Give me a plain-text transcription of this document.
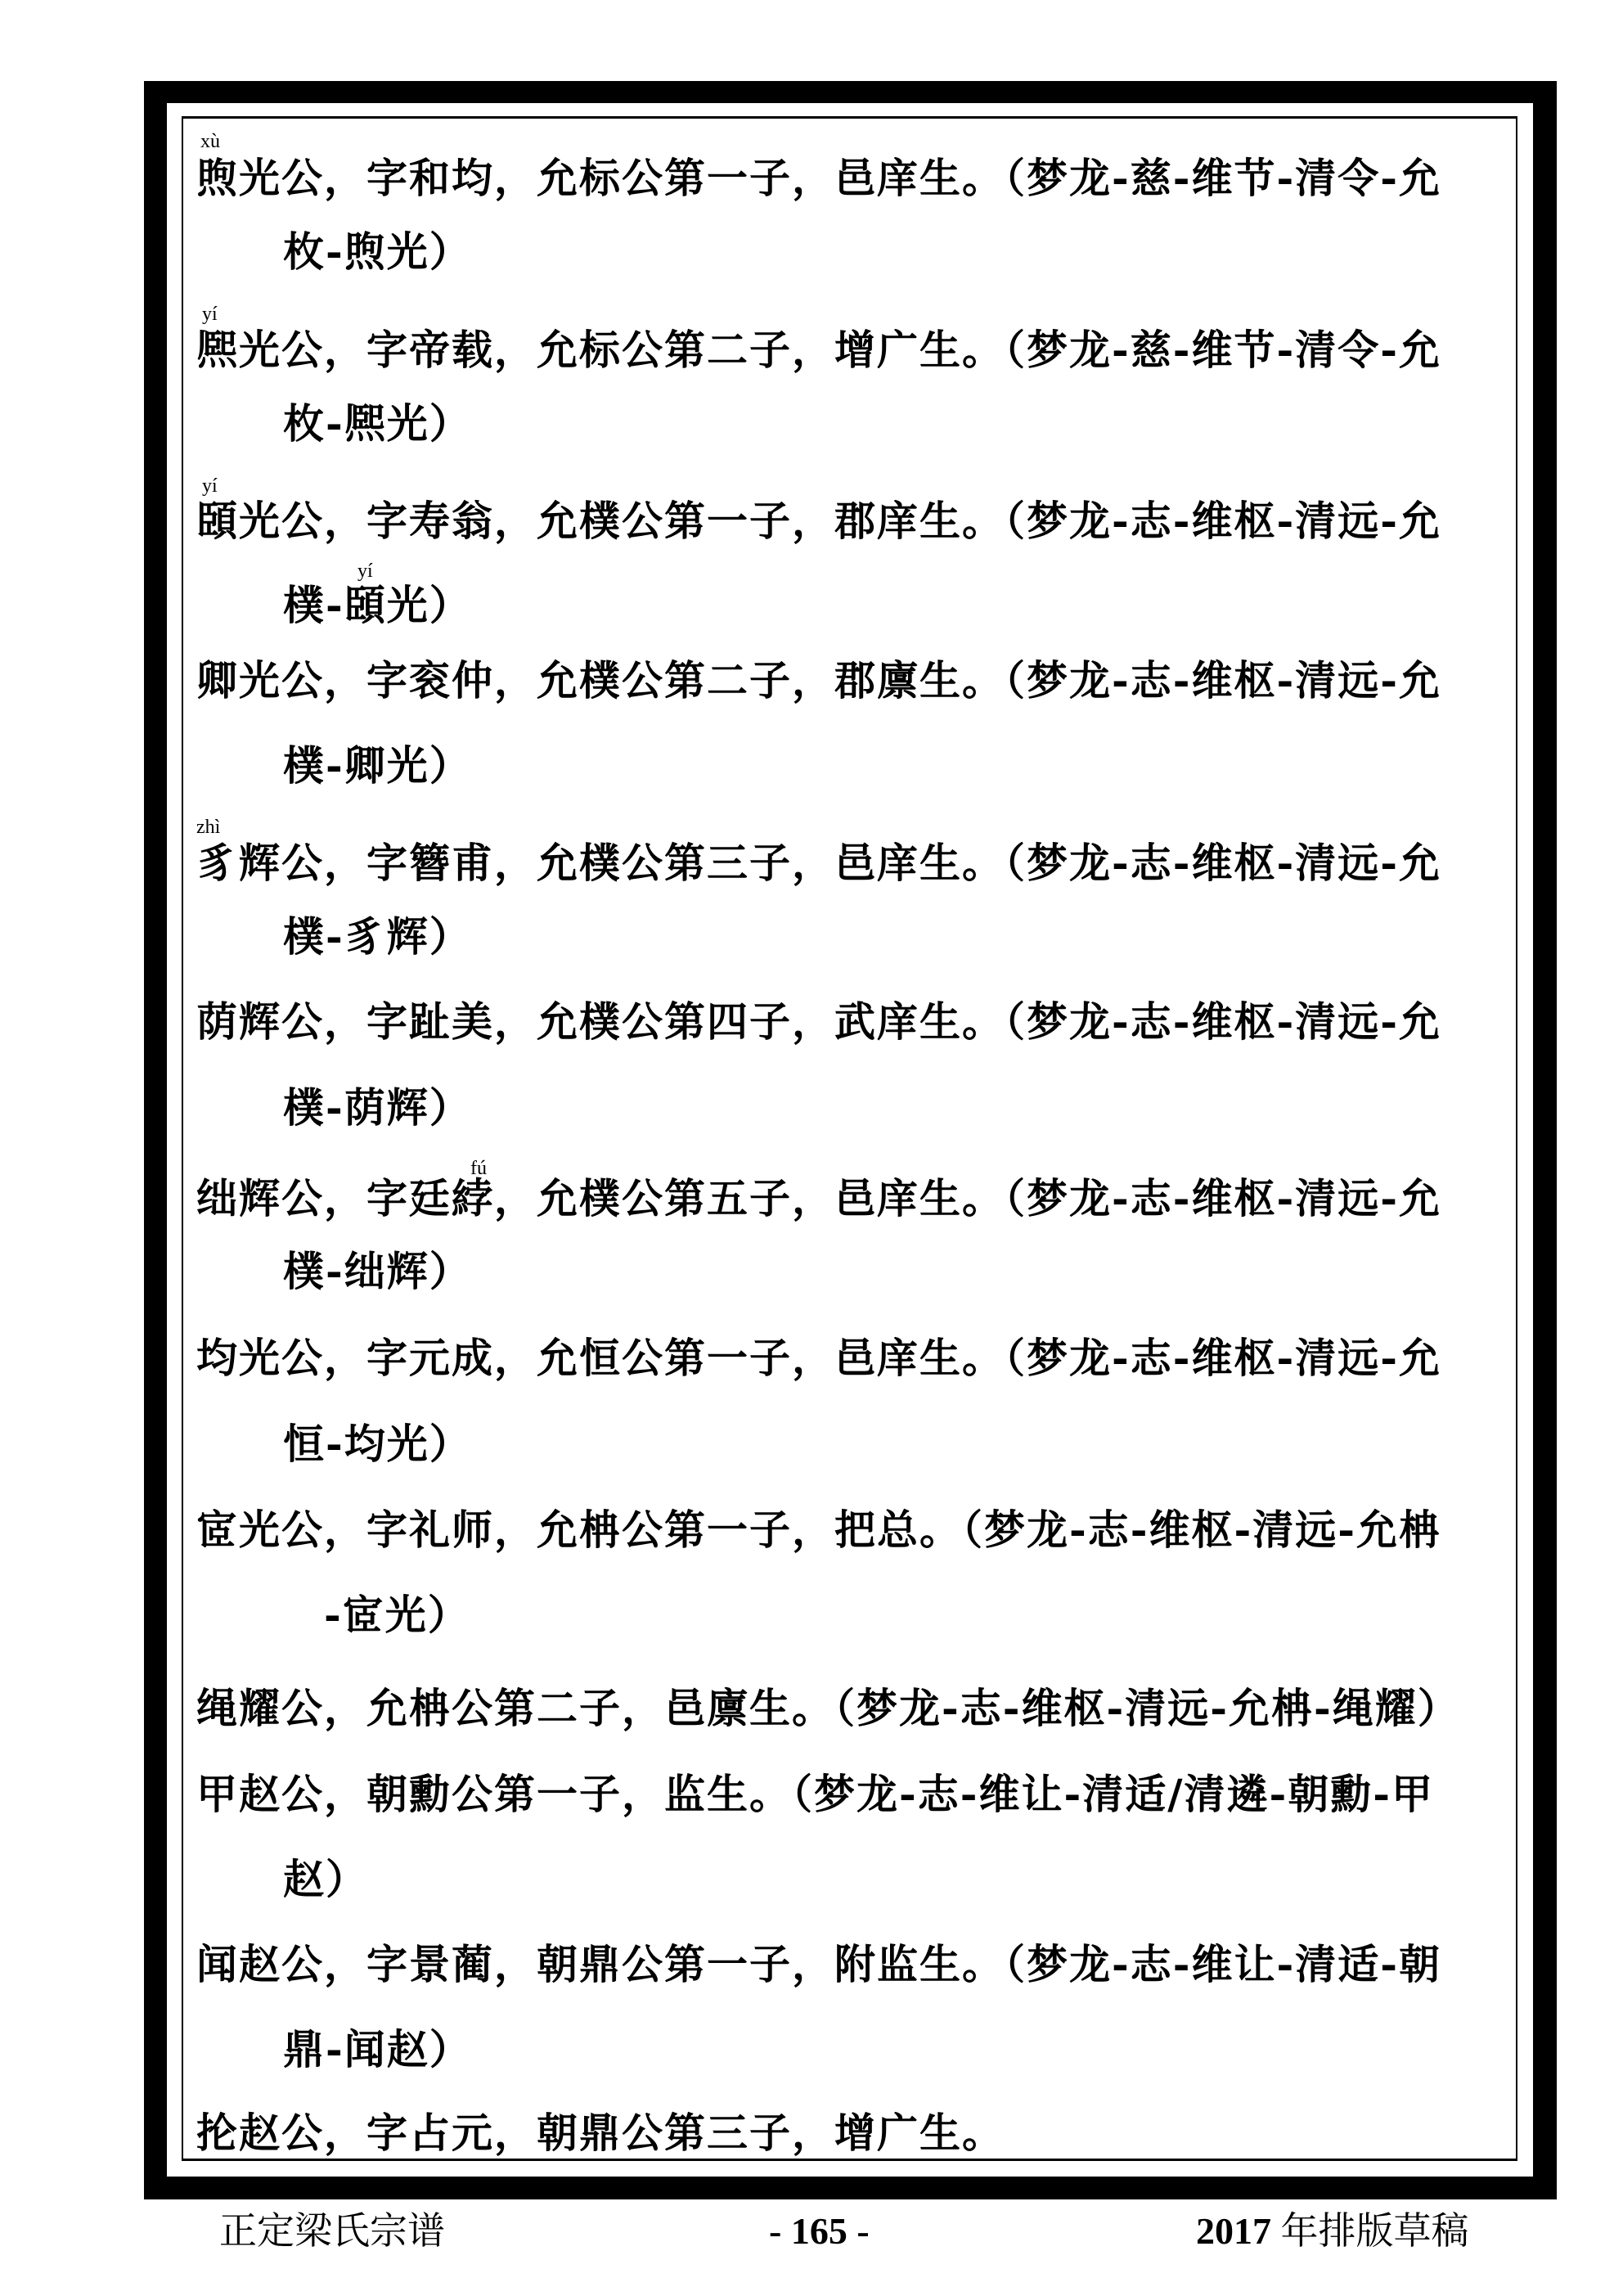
xù
yí
yí
yí
zhì
fú
煦光公，字和均，允标公第一子，邑庠生。（梦龙-慈-维节-清令-允
枚-煦光）
熈光公，字帝载，允标公第二子，增广生。（梦龙-慈-维节-清令-允
枚-熈光）
頣光公，字寿翁，允樸公第一子，郡庠生。（梦龙-志-维枢-清远-允
樸-頣光）
卿光公，字衮仲，允樸公第二子，郡廪生。（梦龙-志-维枢-清远-允
樸-卿光）
豸辉公，字簪甫，允樸公第三子，邑庠生。（梦龙-志-维枢-清远-允
樸-豸辉）
荫辉公，字趾美，允樸公第四子，武庠生。（梦龙-志-维枢-清远-允
樸-荫辉）
绌辉公，字廷綍，允樸公第五子，邑庠生。（梦龙-志-维枢-清远-允
樸-绌辉）
均光公，字元成，允恒公第一子，邑庠生。（梦龙-志-维枢-清远-允
恒-均光）
宧光公，字礼师，允柟公第一子，把总。（梦龙-志-维枢-清远-允柟
-宧光）
绳耀公，允柟公第二子，邑廪生。（梦龙-志-维枢-清远-允柟-绳耀）
甲赵公，朝勳公第一子，监生。（梦龙-志-维让-清适/清遴-朝勳-甲
赵）
闻赵公，字景蔺，朝鼎公第一子，附监生。（梦龙-志-维让-清适-朝
鼎-闻赵）
抡赵公，字占元，朝鼎公第三子，增广生。
正定梁氏宗谱	- 165 -	2017 年排版草稿
